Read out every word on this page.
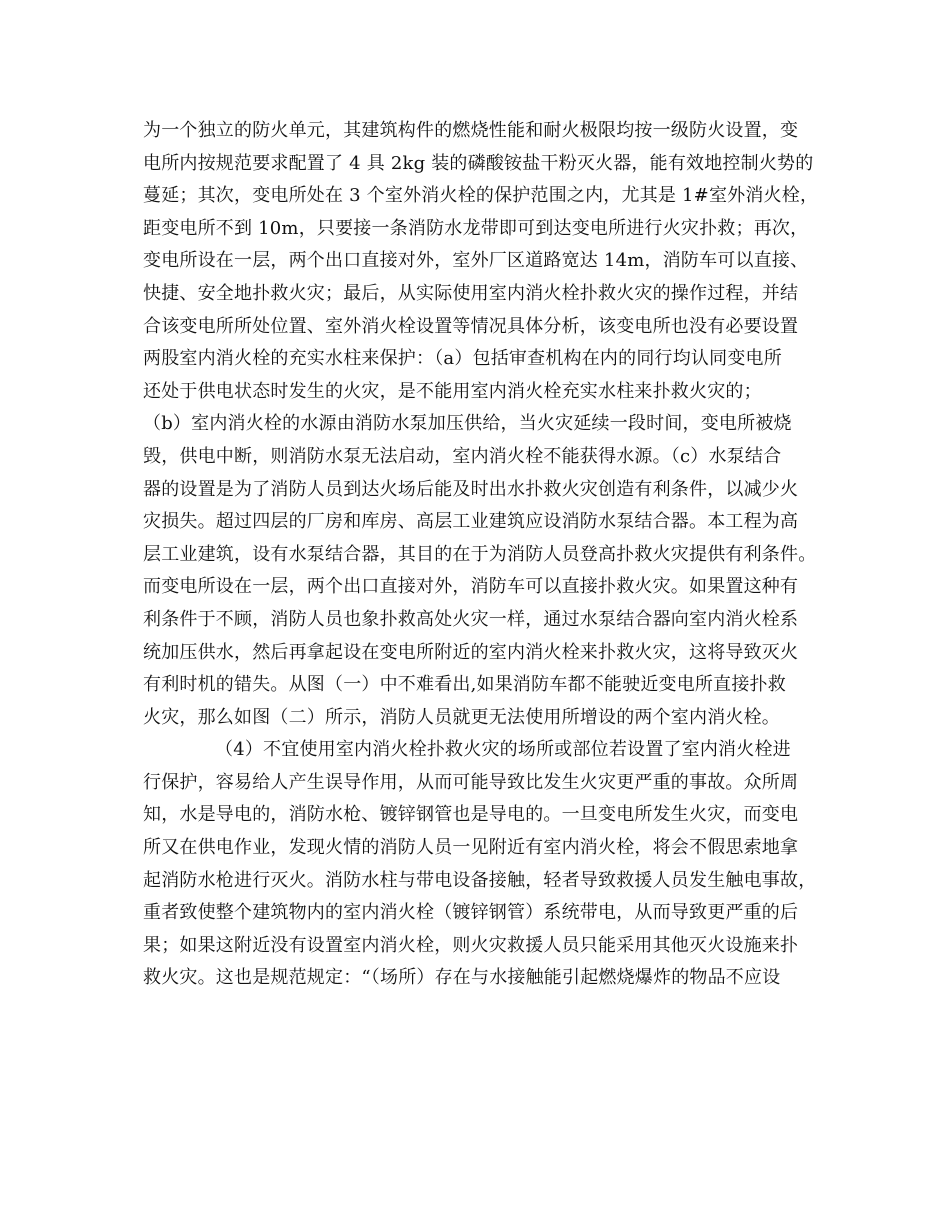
为一个独立的防火单元，其建筑构件的燃烧性能和耐火极限均按一级防火设置，变
电所内按规范要求配置了 4 具 2kg 装的磷酸铵盐干粉灭火器，能有效地控制火势的
蔓延；其次，变电所处在 3 个室外消火栓的保护范围之内，尤其是 1#室外消火栓，
距变电所不到 10m，只要接一条消防水龙带即可到达变电所进行火灾扑救；再次，
变电所设在一层，两个出口直接对外，室外厂区道路宽达 14m，消防车可以直接、
快捷、安全地扑救火灾；最后，从实际使用室内消火栓扑救火灾的操作过程，并结
合该变电所所处位置、室外消火栓设置等情况具体分析，该变电所也没有必要设置
两股室内消火栓的充实水柱来保护：（a）包括审查机构在内的同行均认同变电所
还处于供电状态时发生的火灾，是不能用室内消火栓充实水柱来扑救火灾的；
（b）室内消火栓的水源由消防水泵加压供给，当火灾延续一段时间，变电所被烧
毁，供电中断，则消防水泵无法启动，室内消火栓不能获得水源。（c）水泵结合
器的设置是为了消防人员到达火场后能及时出水扑救火灾创造有利条件，以减少火
灾损失。超过四层的厂房和库房、高层工业建筑应设消防水泵结合器。本工程为高
层工业建筑，设有水泵结合器，其目的在于为消防人员登高扑救火灾提供有利条件。
而变电所设在一层，两个出口直接对外，消防车可以直接扑救火灾。如果置这种有
利条件于不顾，消防人员也象扑救高处火灾一样，通过水泵结合器向室内消火栓系
统加压供水，然后再拿起设在变电所附近的室内消火栓来扑救火灾，这将导致灭火
有利时机的错失。从图（一）中不难看出,如果消防车都不能驶近变电所直接扑救
火灾，那么如图（二）所示，消防人员就更无法使用所增设的两个室内消火栓。
（4）不宜使用室内消火栓扑救火灾的场所或部位若设置了室内消火栓进
行保护，容易给人产生误导作用，从而可能导致比发生火灾更严重的事故。众所周
知，水是导电的，消防水枪、镀锌钢管也是导电的。一旦变电所发生火灾，而变电
所又在供电作业，发现火情的消防人员一见附近有室内消火栓，将会不假思索地拿
起消防水枪进行灭火。消防水柱与带电设备接触，轻者导致救援人员发生触电事故，
重者致使整个建筑物内的室内消火栓（镀锌钢管）系统带电，从而导致更严重的后
果；如果这附近没有设置室内消火栓，则火灾救援人员只能采用其他灭火设施来扑
救火灾。这也是规范规定：“（场所）存在与水接触能引起燃烧爆炸的物品不应设
